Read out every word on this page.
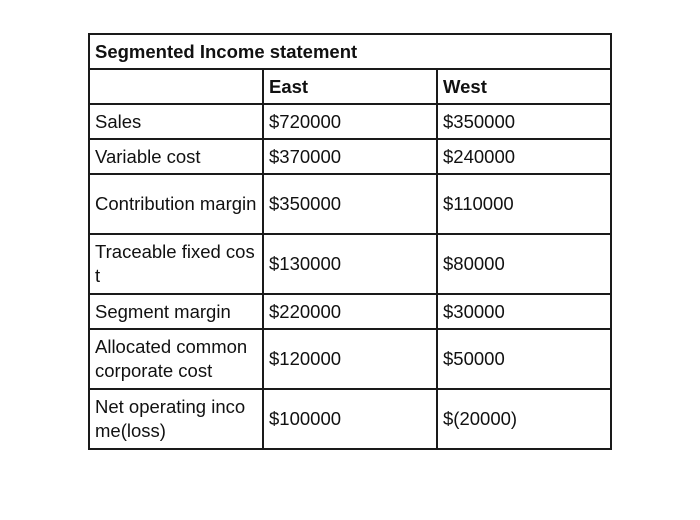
Segmented Income statement		
	East	West
Sales	$720000	$350000
Variable cost	$370000	$240000
Contribution margin	$350000	$110000
Traceable fixed cost	$130000	$80000
Segment margin	$220000	$30000
Allocated common corporate cost	$120000	$50000
Net operating income(loss)	$100000	$(20000)
